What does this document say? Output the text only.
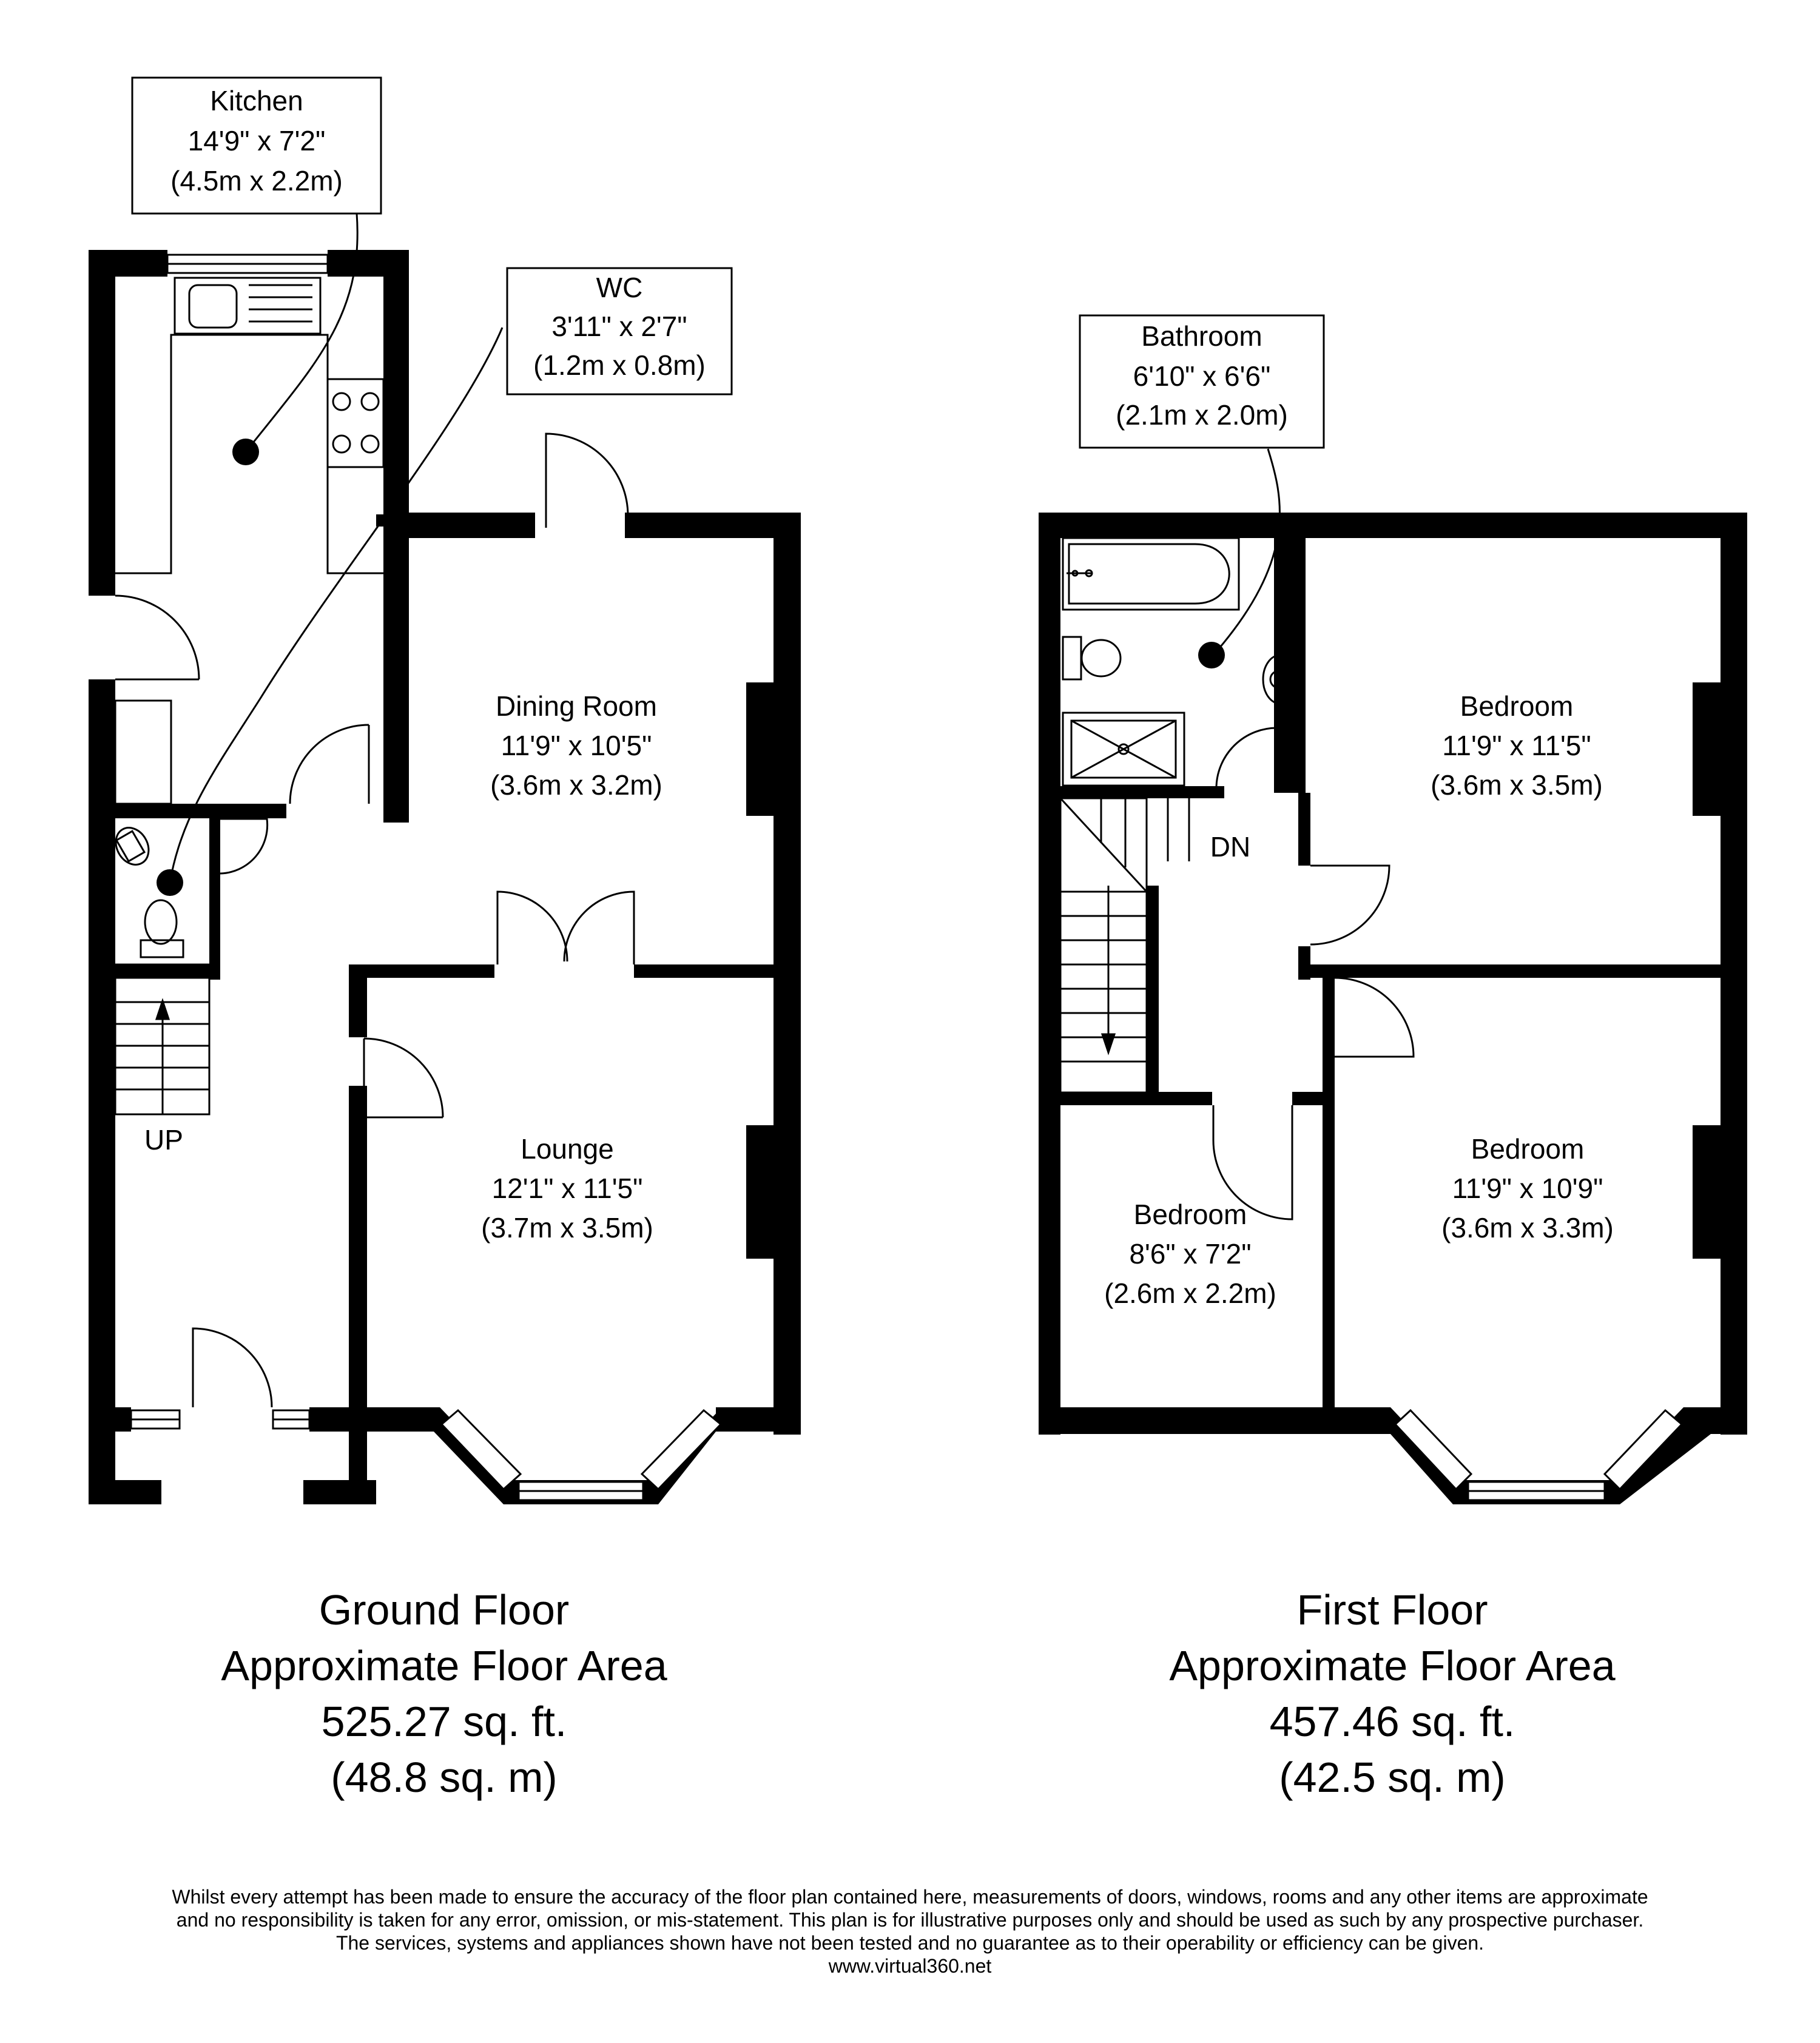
Kitchen
14'9" x 7'2"
(4.5m x 2.2m)
WC
3'11" x 2'7"
(1.2m x 0.8m)
Dining Room
11'9" x 10'5"
(3.6m x 3.2m)
Lounge
12'1" x 11'5"
(3.7m x 3.5m)
UP
Bathroom
6'10" x 6'6"
(2.1m x 2.0m)
Bedroom
11'9" x 11'5"
(3.6m x 3.5m)
Bedroom
11'9" x 10'9"
(3.6m x 3.3m)
Bedroom
8'6" x 7'2"
(2.6m x 2.2m)
DN
Ground Floor
Approximate Floor Area
525.27 sq. ft.
(48.8 sq. m)
First Floor
Approximate Floor Area
457.46 sq. ft.
(42.5 sq. m)
Whilst every attempt has been made to ensure the accuracy of the floor plan contained here, measurements of doors, windows, rooms and any other items are approximate
and no responsibility is taken for any error, omission, or mis-statement. This plan is for illustrative purposes only and should be used as such by any prospective purchaser.
The services, systems and appliances shown have not been tested and no guarantee as to their operability or efficiency can be given.
www.virtual360.net
